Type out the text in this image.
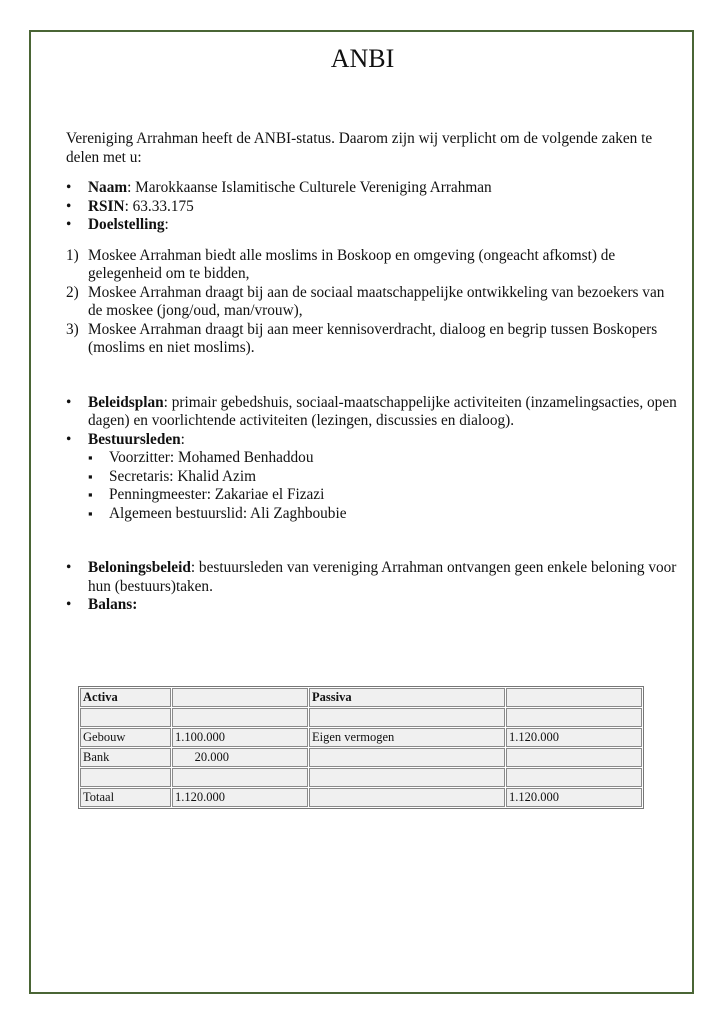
ANBI

Vereniging Arrahman heeft de ANBI-status. Daarom zijn wij verplicht om de volgende zaken te delen met u:

• Naam: Marokkaanse Islamitische Culturele Vereniging Arrahman
• RSIN: 63.33.175
• Doelstelling:
1) Moskee Arrahman biedt alle moslims in Boskoop en omgeving (ongeacht afkomst) de gelegenheid om te bidden,
2) Moskee Arrahman draagt bij aan de sociaal maatschappelijke ontwikkeling van bezoekers van de moskee (jong/oud, man/vrouw),
3) Moskee Arrahman draagt bij aan meer kennisoverdracht, dialoog en begrip tussen Boskopers (moslims en niet moslims).
• Beleidsplan: primair gebedshuis, sociaal-maatschappelijke activiteiten (inzamelingsacties, open dagen) en voorlichtende activiteiten (lezingen, discussies en dialoog).
• Bestuursleden:
▪ Voorzitter: Mohamed Benhaddou
▪ Secretaris: Khalid Azim
▪ Penningmeester: Zakariae el Fizazi
▪ Algemeen bestuurslid: Ali Zaghboubie
• Beloningsbeleid: bestuursleden van vereniging Arrahman ontvangen geen enkele beloning voor hun (bestuurs)taken.
• Balans:
Activa		Passiva	

Gebouw	1.100.000	Eigen vermogen	1.120.000
Bank	20.000		

Totaal	1.120.000		1.120.000
